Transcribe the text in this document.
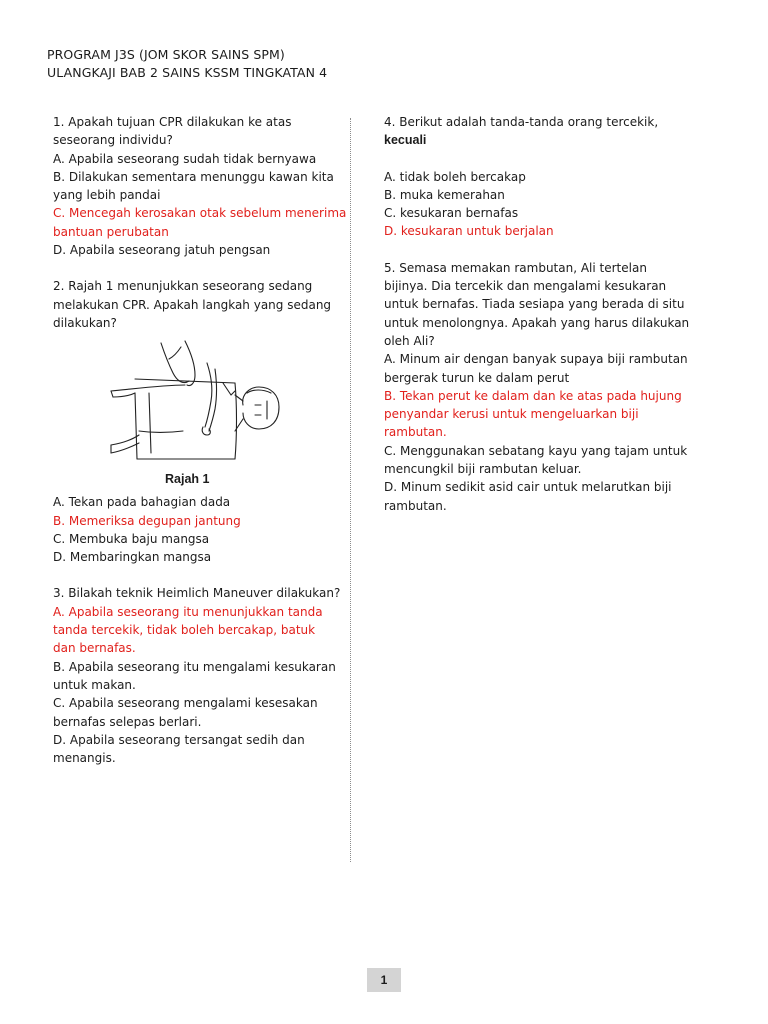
PROGRAM J3S (JOM SKOR SAINS SPM)
ULANGKAJI BAB 2 SAINS KSSM TINGKATAN 4
1. Apakah tujuan CPR dilakukan ke atas
seseorang individu?
A. Apabila seseorang sudah tidak bernyawa
B. Dilakukan sementara menunggu kawan kita
yang lebih pandai
C. Mencegah kerosakan otak sebelum menerima
bantuan perubatan
D. Apabila seseorang jatuh pengsan
2. Rajah 1 menunjukkan seseorang sedang
melakukan CPR. Apakah langkah yang sedang
dilakukan?
Rajah 1
A. Tekan pada bahagian dada
B. Memeriksa degupan jantung
C. Membuka baju mangsa
D. Membaringkan mangsa
3. Bilakah teknik Heimlich Maneuver dilakukan?
A. Apabila seseorang itu menunjukkan tanda
tanda tercekik, tidak boleh bercakap, batuk
dan bernafas.
B. Apabila seseorang itu mengalami kesukaran
untuk makan.
C. Apabila seseorang mengalami kesesakan
bernafas selepas berlari.
D. Apabila seseorang tersangat sedih dan
menangis.
4. Berikut adalah tanda-tanda orang tercekik,
kecuali
A. tidak boleh bercakap
B. muka kemerahan
C. kesukaran bernafas
D. kesukaran untuk berjalan
5. Semasa memakan rambutan, Ali tertelan
bijinya. Dia tercekik dan mengalami kesukaran
untuk bernafas. Tiada sesiapa yang berada di situ
untuk menolongnya. Apakah yang harus dilakukan
oleh Ali?
A. Minum air dengan banyak supaya biji rambutan
bergerak turun ke dalam perut
B. Tekan perut ke dalam dan ke atas pada hujung
penyandar kerusi untuk mengeluarkan biji
rambutan.
C. Menggunakan sebatang kayu yang tajam untuk
mencungkil biji rambutan keluar.
D. Minum sedikit asid cair untuk melarutkan biji
rambutan.
1
